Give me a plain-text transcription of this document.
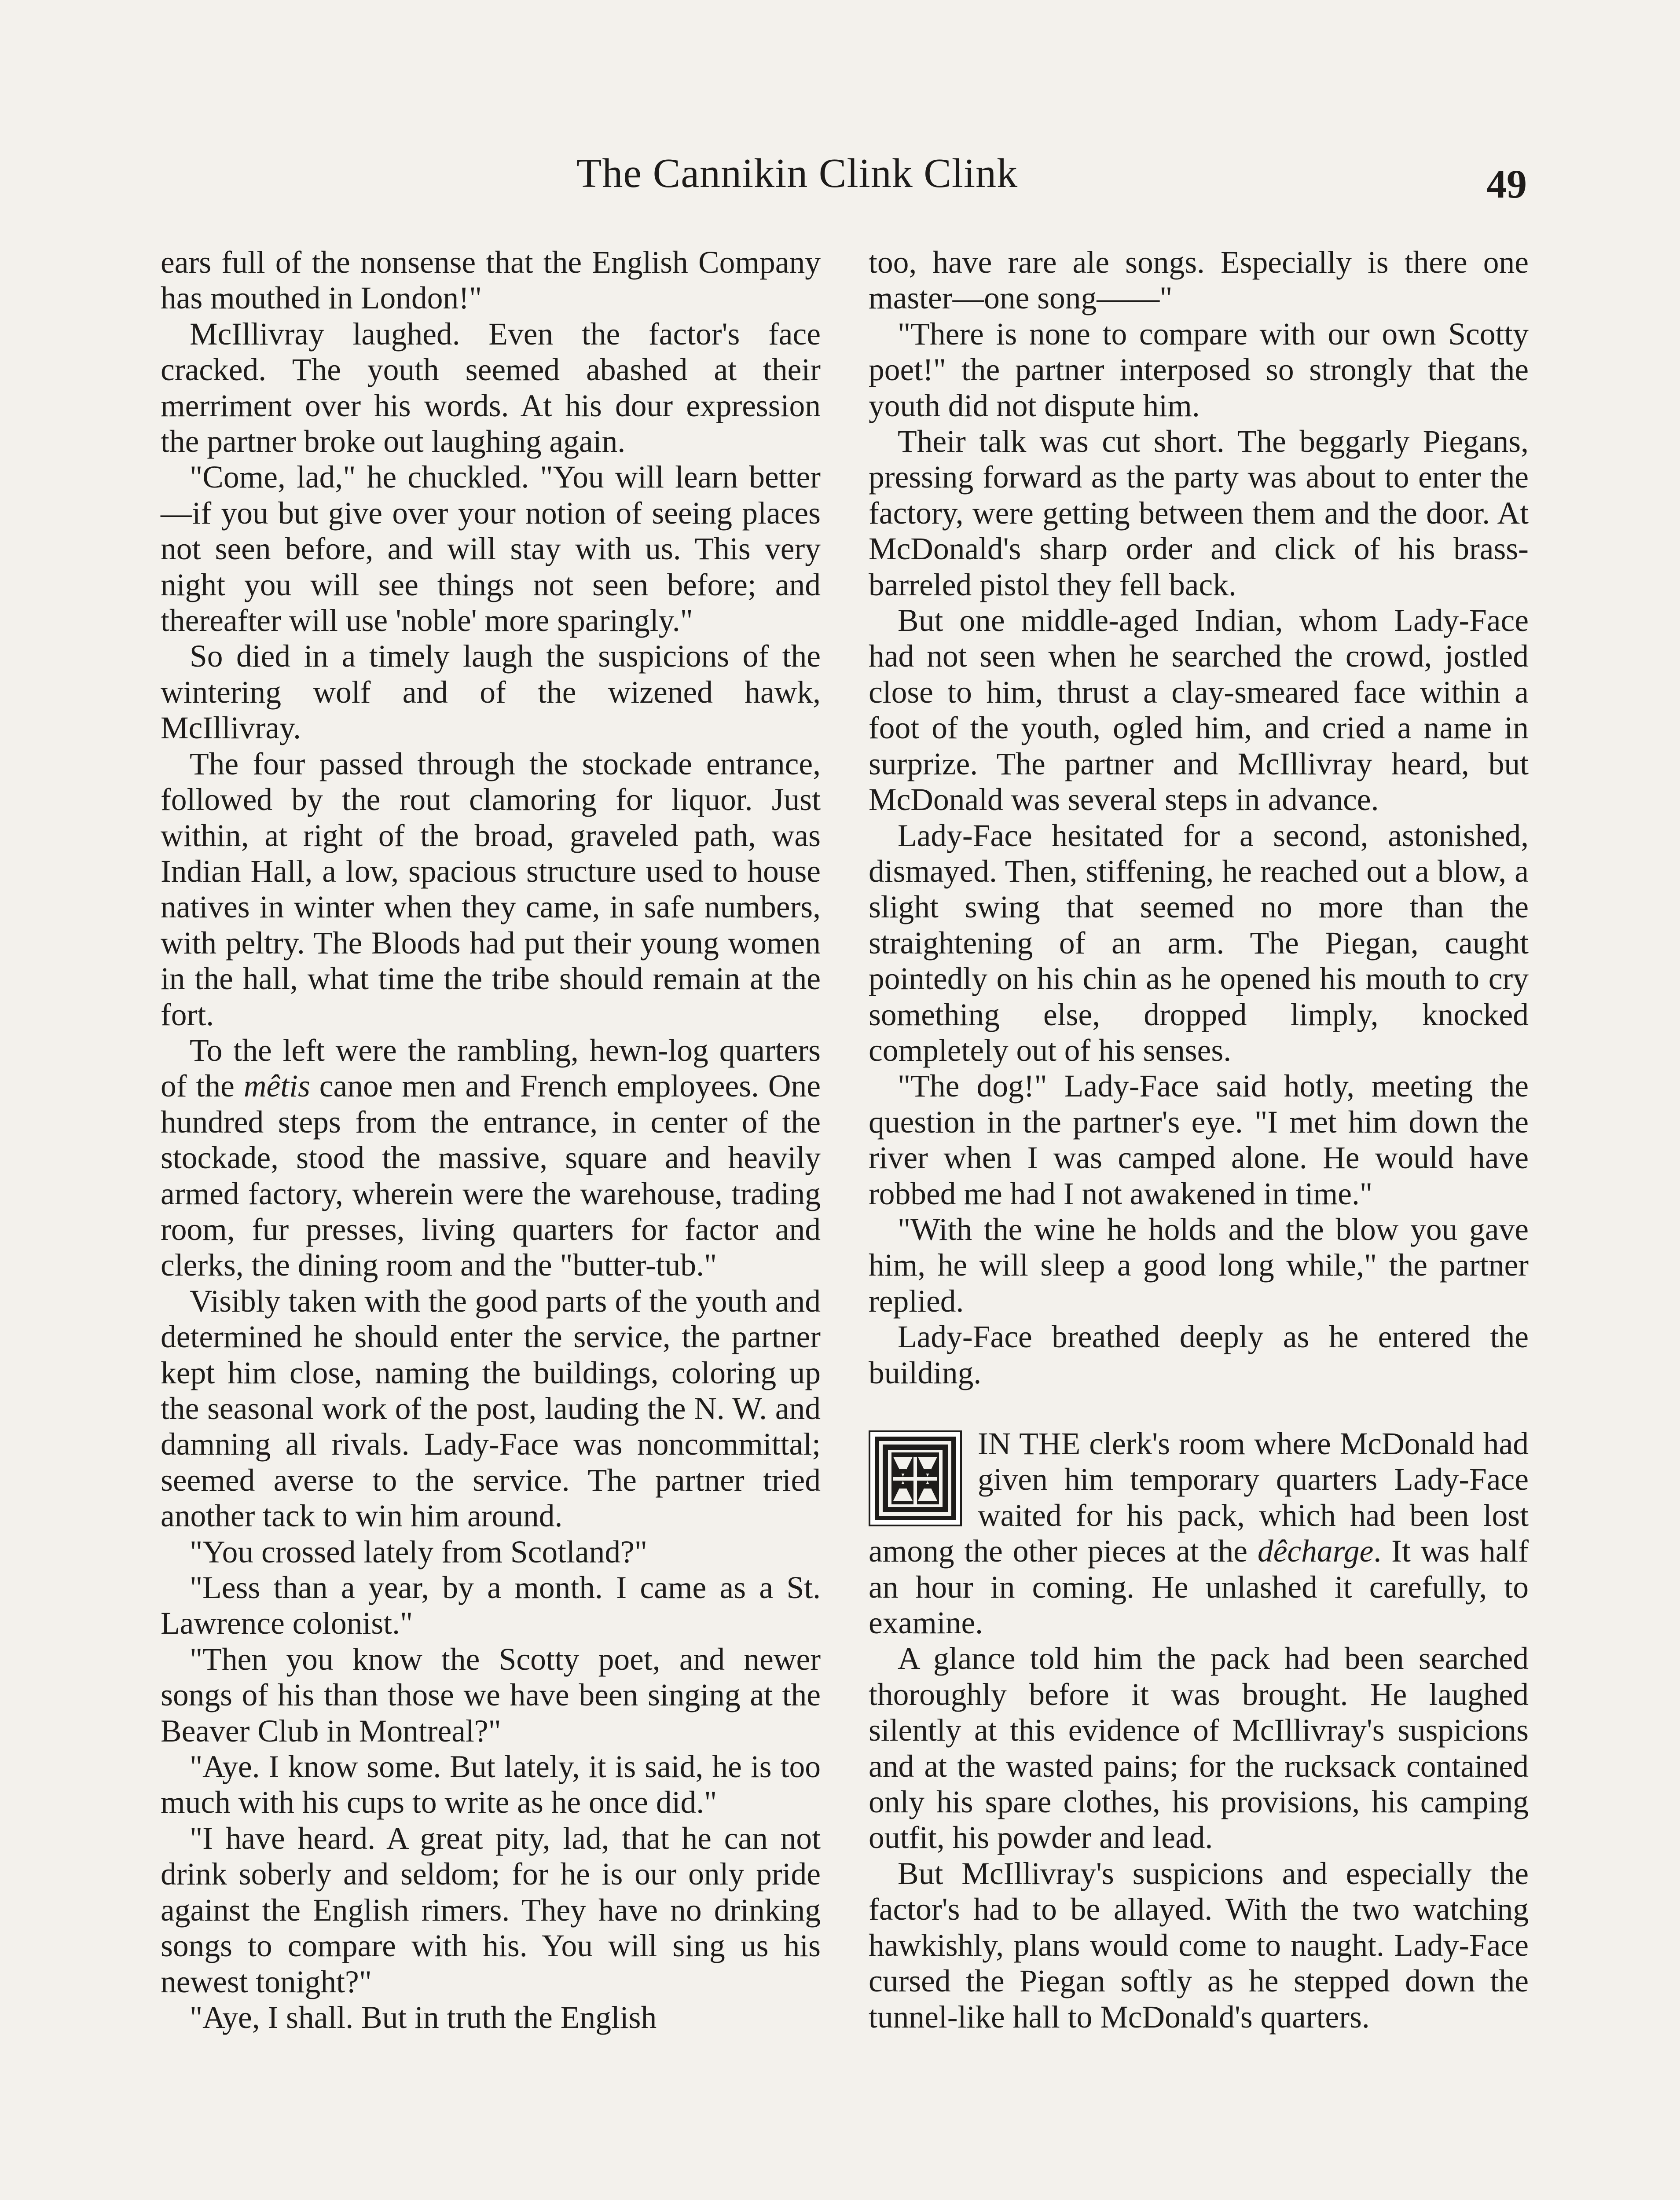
The Cannikin Clink Clink	49

ears full of the nonsense that the English Company has mouthed in London!"

McIllivray laughed. Even the factor's face cracked. The youth seemed abashed at their merriment over his words. At his dour expression the partner broke out laughing again.

"Come, lad," he chuckled. "You will learn better—if you but give over your notion of seeing places not seen before, and will stay with us. This very night you will see things not seen before; and thereafter will use 'noble' more sparingly."

So died in a timely laugh the suspicions of the wintering wolf and of the wizened hawk, McIllivray.

The four passed through the stockade entrance, followed by the rout clamoring for liquor. Just within, at right of the broad, graveled path, was Indian Hall, a low, spacious structure used to house natives in winter when they came, in safe numbers, with peltry. The Bloods had put their young women in the hall, what time the tribe should remain at the fort.

To the left were the rambling, hewn-log quarters of the mêtis canoe men and French employees. One hundred steps from the entrance, in center of the stockade, stood the massive, square and heavily armed factory, wherein were the warehouse, trading room, fur presses, living quarters for factor and clerks, the dining room and the "butter-tub."

Visibly taken with the good parts of the youth and determined he should enter the service, the partner kept him close, naming the buildings, coloring up the seasonal work of the post, lauding the N. W. and damning all rivals. Lady-Face was noncommittal; seemed averse to the service. The partner tried another tack to win him around.

"You crossed lately from Scotland?"

"Less than a year, by a month. I came as a St. Lawrence colonist."

"Then you know the Scotty poet, and newer songs of his than those we have been singing at the Beaver Club in Montreal?"

"Aye. I know some. But lately, it is said, he is too much with his cups to write as he once did."

"I have heard. A great pity, lad, that he can not drink soberly and seldom; for he is our only pride against the English rimers. They have no drinking songs to compare with his. You will sing us his newest tonight?"

"Aye, I shall. But in truth the English

too, have rare ale songs. Especially is there one master—one song——"

"There is none to compare with our own Scotty poet!" the partner interposed so strongly that the youth did not dispute him.

Their talk was cut short. The beggarly Piegans, pressing forward as the party was about to enter the factory, were getting between them and the door. At McDonald's sharp order and click of his brass-barreled pistol they fell back.

But one middle-aged Indian, whom Lady-Face had not seen when he searched the crowd, jostled close to him, thrust a clay-smeared face within a foot of the youth, ogled him, and cried a name in surprize. The partner and McIllivray heard, but McDonald was several steps in advance.

Lady-Face hesitated for a second, astonished, dismayed. Then, stiffening, he reached out a blow, a slight swing that seemed no more than the straightening of an arm. The Piegan, caught pointedly on his chin as he opened his mouth to cry something else, dropped limply, knocked completely out of his senses.

"The dog!" Lady-Face said hotly, meeting the question in the partner's eye. "I met him down the river when I was camped alone. He would have robbed me had I not awakened in time."

"With the wine he holds and the blow you gave him, he will sleep a good long while," the partner replied.

Lady-Face breathed deeply as he entered the building.

IN THE clerk's room where McDonald had given him temporary quarters Lady-Face waited for his pack, which had been lost among the other pieces at the dêcharge. It was half an hour in coming. He unlashed it carefully, to examine.

A glance told him the pack had been searched thoroughly before it was brought. He laughed silently at this evidence of McIllivray's suspicions and at the wasted pains; for the rucksack contained only his spare clothes, his provisions, his camping outfit, his powder and lead.

But McIllivray's suspicions and especially the factor's had to be allayed. With the two watching hawkishly, plans would come to naught. Lady-Face cursed the Piegan softly as he stepped down the tunnel-like hall to McDonald's quarters.
